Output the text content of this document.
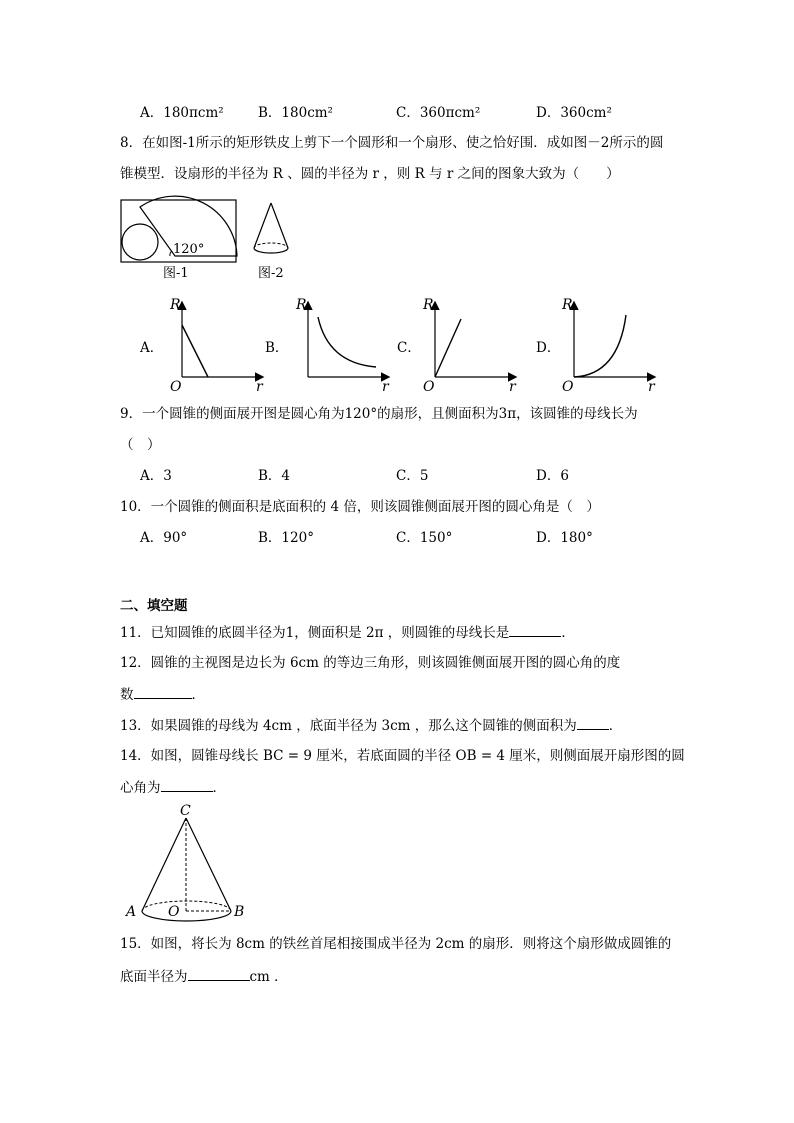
A．180πcm²	B．180cm²	C．360πcm²	D．360cm²
8．在如图-1所示的矩形铁皮上剪下一个圆形和一个扇形、使之恰好围．成如图－2所示的圆
锥模型．设扇形的半径为 R 、圆的半径为 r ，则 R 与 r 之间的图象大致为（　　）
120°
图-1	图-2
A．	B．	C．	D．
R
r
O
R
r
R
r
O
R
r
O
9．一个圆锥的侧面展开图是圆心角为120°的扇形，且侧面积为3π，该圆锥的母线长为
（　）
A．3	B．4	C．5	D．6
10．一个圆锥的侧面积是底面积的 4 倍，则该圆锥侧面展开图的圆心角是（　）
A．90°	B．120°	C．150°	D．180°
二、填空题
11．已知圆锥的底圆半径为1，侧面积是 2π ，则圆锥的母线长是	．
12．圆锥的主视图是边长为 6cm 的等边三角形，则该圆锥侧面展开图的圆心角的度
数	．
13．如果圆锥的母线为 4cm ，底面半径为 3cm ，那么这个圆锥的侧面积为 ．
14．如图，圆锥母线长 BC = 9 厘米，若底面圆的半径 OB = 4 厘米，则侧面展开扇形图的圆
心角为	．
C
A O	B
15．如图，将长为 8cm 的铁丝首尾相接围成半径为 2cm 的扇形．则将这个扇形做成圆锥的
底面半径为	cm ．
